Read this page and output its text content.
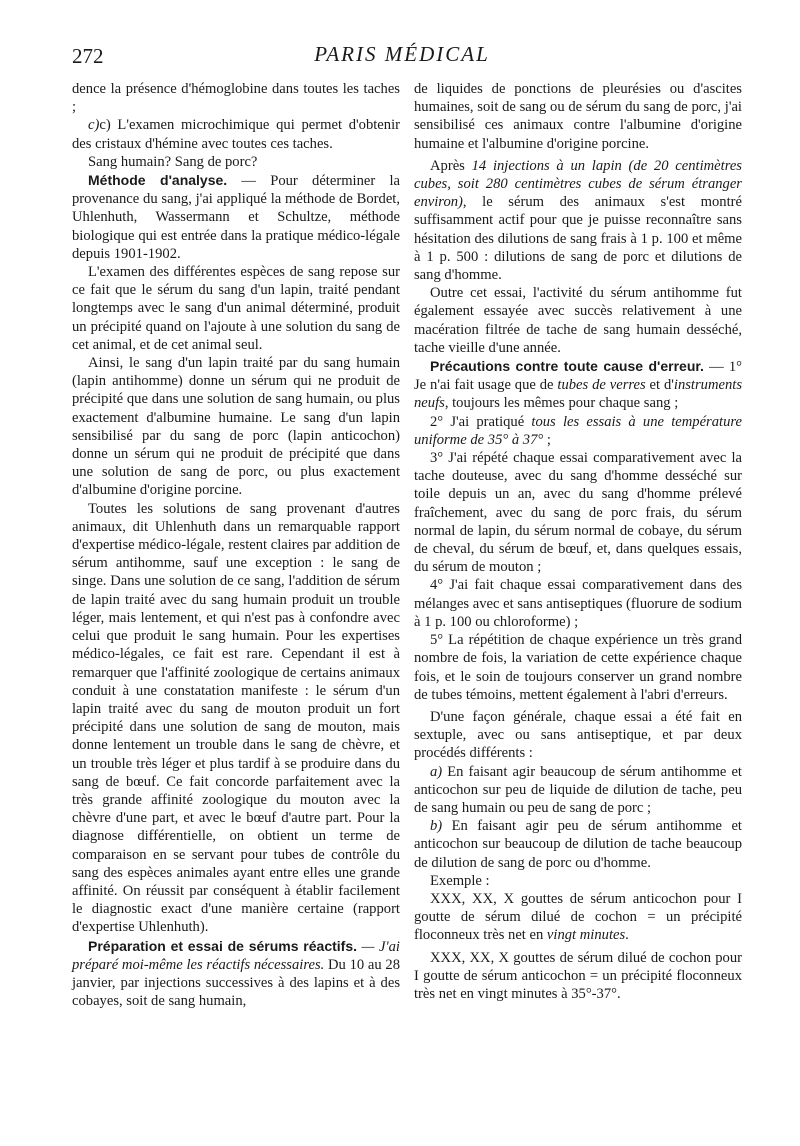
272	PARIS MÉDICAL

dence la présence d'hémoglobine dans toutes les taches ;

c)c) L'examen microchimique qui permet d'obtenir des cristaux d'hémine avec toutes ces taches.

Sang humain? Sang de porc?

Méthode d'analyse. — Pour déterminer la provenance du sang, j'ai appliqué la méthode de Bordet, Uhlenhuth, Wassermann et Schultze, méthode biologique qui est entrée dans la pratique médico-légale depuis 1901-1902.

L'examen des différentes espèces de sang repose sur ce fait que le sérum du sang d'un lapin, traité pendant longtemps avec le sang d'un animal déterminé, produit un précipité quand on l'ajoute à une solution du sang de cet animal, et de cet animal seul.

Ainsi, le sang d'un lapin traité par du sang humain (lapin antihomme) donne un sérum qui ne produit de précipité que dans une solution de sang humain, ou plus exactement d'albumine humaine. Le sang d'un lapin sensibilisé par du sang de porc (lapin anticochon) donne un sérum qui ne produit de précipité que dans une solution de sang de porc, ou plus exactement d'albumine d'origine porcine.

Toutes les solutions de sang provenant d'autres animaux, dit Uhlenhuth dans un remarquable rapport d'expertise médico-légale, restent claires par addition de sérum antihomme, sauf une exception : le sang de singe. Dans une solution de ce sang, l'addition de sérum de lapin traité avec du sang humain produit un trouble léger, mais lentement, et qui n'est pas à confondre avec celui que produit le sang humain. Pour les expertises médico-légales, ce fait est rare. Cependant il est à remarquer que l'affinité zoologique de certains animaux conduit à une constatation manifeste : le sérum d'un lapin traité avec du sang de mouton produit un fort précipité dans une solution de sang de mouton, mais donne lentement un trouble dans le sang de chèvre, et un trouble très léger et plus tardif à se produire dans du sang de bœuf. Ce fait concorde parfaitement avec la très grande affinité zoologique du mouton avec la chèvre d'une part, et avec le bœuf d'autre part. Pour la diagnose différentielle, on obtient un terme de comparaison en se servant pour tubes de contrôle du sang des espèces animales ayant entre elles une grande affinité. On réussit par conséquent à établir facilement le diagnostic exact d'une manière certaine (rapport d'expertise Uhlenhuth).

Préparation et essai de sérums réactifs. — J'ai préparé moi-même les réactifs nécessaires. Du 10 au 28 janvier, par injections successives à des lapins et à des cobayes, soit de sang humain,

de liquides de ponctions de pleurésies ou d'ascites humaines, soit de sang ou de sérum du sang de porc, j'ai sensibilisé ces animaux contre l'albumine d'origine humaine et l'albumine d'origine porcine.

Après 14 injections à un lapin (de 20 centimètres cubes, soit 280 centimètres cubes de sérum étranger environ), le sérum des animaux s'est montré suffisamment actif pour que je puisse reconnaître sans hésitation des dilutions de sang frais à 1 p. 100 et même à 1 p. 500 : dilutions de sang de porc et dilutions de sang d'homme.

Outre cet essai, l'activité du sérum antihomme fut également essayée avec succès relativement à une macération filtrée de tache de sang humain desséché, tache vieille d'une année.

Précautions contre toute cause d'erreur. — 1° Je n'ai fait usage que de tubes de verres et d'instruments neufs, toujours les mêmes pour chaque sang ;

2° J'ai pratiqué tous les essais à une température uniforme de 35° à 37° ;

3° J'ai répété chaque essai comparativement avec la tache douteuse, avec du sang d'homme desséché sur toile depuis un an, avec du sang d'homme prélevé fraîchement, avec du sang de porc frais, du sérum normal de lapin, du sérum normal de cobaye, du sérum de cheval, du sérum de bœuf, et, dans quelques essais, du sérum de mouton ;

4° J'ai fait chaque essai comparativement dans des mélanges avec et sans antiseptiques (fluorure de sodium à 1 p. 100 ou chloroforme) ;

5° La répétition de chaque expérience un très grand nombre de fois, la variation de cette expérience chaque fois, et le soin de toujours conserver un grand nombre de tubes témoins, mettent également à l'abri d'erreurs.

D'une façon générale, chaque essai a été fait en sextuple, avec ou sans antiseptique, et par deux procédés différents :

a) En faisant agir beaucoup de sérum antihomme et anticochon sur peu de liquide de dilution de tache, peu de sang humain ou peu de sang de porc ;

b) En faisant agir peu de sérum antihomme et anticochon sur beaucoup de dilution de tache beaucoup de dilution de sang de porc ou d'homme.

Exemple :

XXX, XX, X gouttes de sérum anticochon pour I goutte de sérum dilué de cochon = un précipité floconneux très net en vingt minutes.

XXX, XX, X gouttes de sérum dilué de cochon pour I goutte de sérum anticochon = un précipité floconneux très net en vingt minutes à 35°-37°.
